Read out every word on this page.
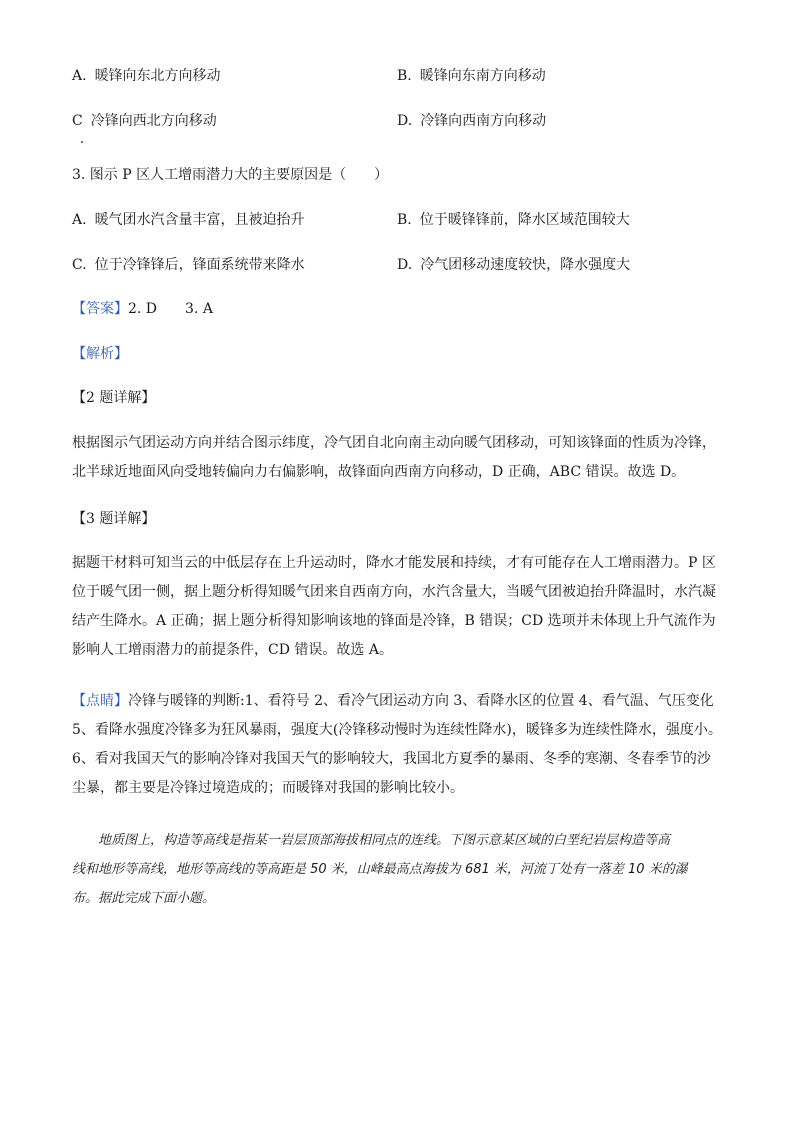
A. 暖锋向东北方向移动	B. 暖锋向东南方向移动
C 冷锋向西北方向移动	D. 冷锋向西南方向移动
3. 图示 P 区人工增雨潜力大的主要原因是（　　）
A. 暖气团水汽含量丰富，且被迫抬升	B. 位于暖锋锋前，降水区域范围较大
C. 位于冷锋锋后，锋面系统带来降水	D. 冷气团移动速度较快，降水强度大
【答案】2. D 3. A
【解析】
【2 题详解】
根据图示气团运动方向并结合图示纬度，冷气团自北向南主动向暖气团移动，可知该锋面的性质为冷锋，
北半球近地面风向受地转偏向力右偏影响，故锋面向西南方向移动，D 正确，ABC 错误。故选 D。
【3 题详解】
据题干材料可知当云的中低层存在上升运动时，降水才能发展和持续，才有可能存在人工增雨潜力。P 区
位于暖气团一侧，据上题分析得知暖气团来自西南方向，水汽含量大，当暖气团被迫抬升降温时，水汽凝
结产生降水。A 正确；据上题分析得知影响该地的锋面是冷锋，B 错误；CD 选项并未体现上升气流作为
影响人工增雨潜力的前提条件，CD 错误。故选 A。
【点睛】冷锋与暖锋的判断:1、看符号 2、看冷气团运动方向 3、看降水区的位置 4、看气温、气压变化
5、看降水强度冷锋多为狂风暴雨，强度大(冷锋移动慢时为连续性降水)，暖锋多为连续性降水，强度小。
6、看对我国天气的影响冷锋对我国天气的影响较大，我国北方夏季的暴雨、冬季的寒潮、冬春季节的沙
尘暴，都主要是冷锋过境造成的；而暖锋对我国的影响比较小。
地质图上，构造等高线是指某一岩层顶部海拔相同点的连线。下图示意某区域的白垩纪岩层构造等高
线和地形等高线，地形等高线的等高距是 50 米，山峰最高点海拔为 681 米，河流丁处有一落差 10 米的瀑
布。据此完成下面小题。
